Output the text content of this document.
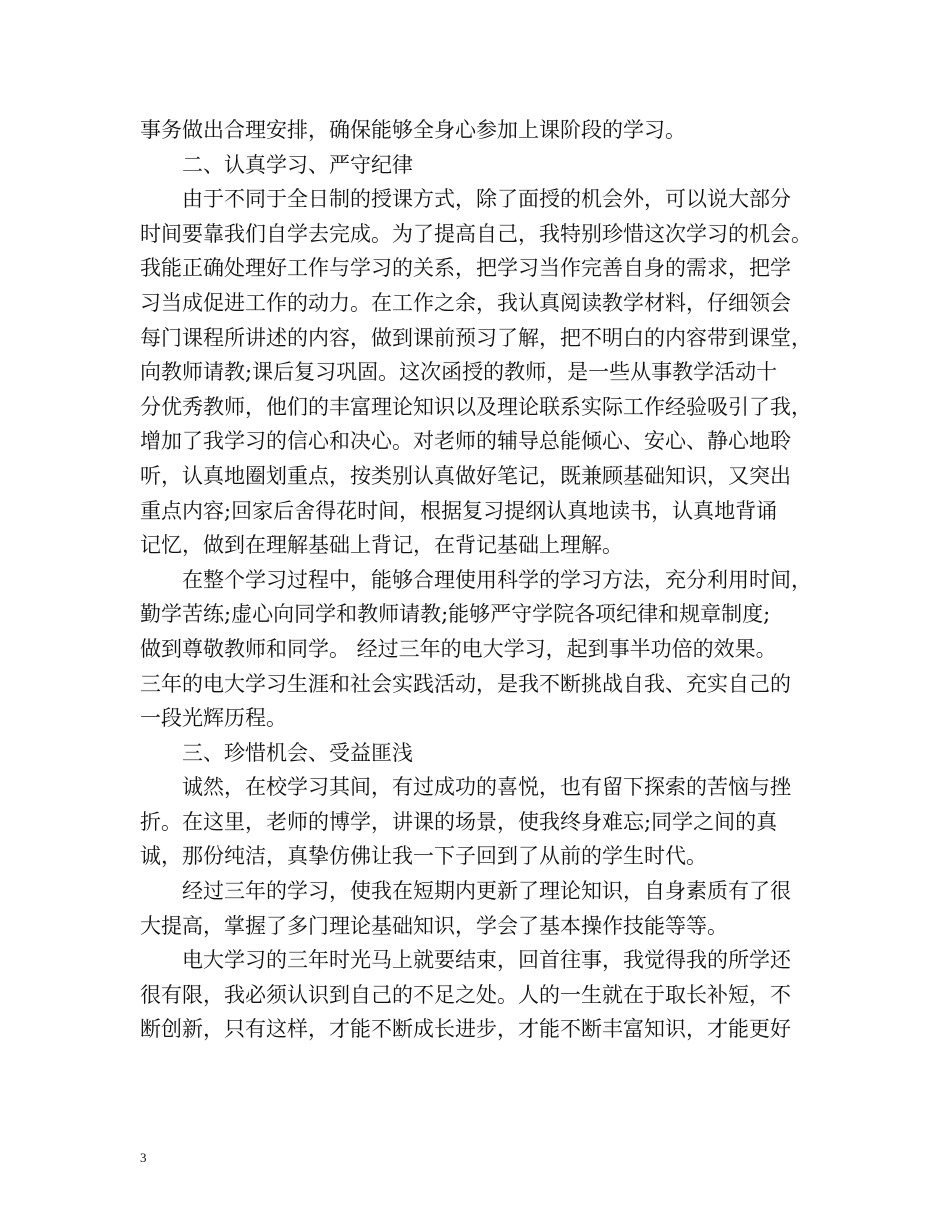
事务做出合理安排，确保能够全身心参加上课阶段的学习。
二、认真学习、严守纪律
由于不同于全日制的授课方式，除了面授的机会外，可以说大部分
时间要靠我们自学去完成。为了提高自己，我特别珍惜这次学习的机会。
我能正确处理好工作与学习的关系，把学习当作完善自身的需求，把学
习当成促进工作的动力。在工作之余，我认真阅读教学材料，仔细领会
每门课程所讲述的内容，做到课前预习了解，把不明白的内容带到课堂，
向教师请教;课后复习巩固。这次函授的教师，是一些从事教学活动十
分优秀教师，他们的丰富理论知识以及理论联系实际工作经验吸引了我，
增加了我学习的信心和决心。对老师的辅导总能倾心、安心、静心地聆
听，认真地圈划重点，按类别认真做好笔记，既兼顾基础知识，又突出
重点内容;回家后舍得花时间，根据复习提纲认真地读书，认真地背诵
记忆，做到在理解基础上背记，在背记基础上理解。
在整个学习过程中，能够合理使用科学的学习方法，充分利用时间，
勤学苦练;虚心向同学和教师请教;能够严守学院各项纪律和规章制度;
做到尊敬教师和同学。 经过三年的电大学习，起到事半功倍的效果。
三年的电大学习生涯和社会实践活动，是我不断挑战自我、充实自己的
一段光辉历程。
三、珍惜机会、受益匪浅
诚然，在校学习其间，有过成功的喜悦，也有留下探索的苦恼与挫
折。在这里，老师的博学，讲课的场景，使我终身难忘;同学之间的真
诚，那份纯洁，真挚仿佛让我一下子回到了从前的学生时代。
经过三年的学习，使我在短期内更新了理论知识，自身素质有了很
大提高，掌握了多门理论基础知识，学会了基本操作技能等等。
电大学习的三年时光马上就要结束，回首往事，我觉得我的所学还
很有限，我必须认识到自己的不足之处。人的一生就在于取长补短，不
断创新，只有这样，才能不断成长进步，才能不断丰富知识，才能更好
3
